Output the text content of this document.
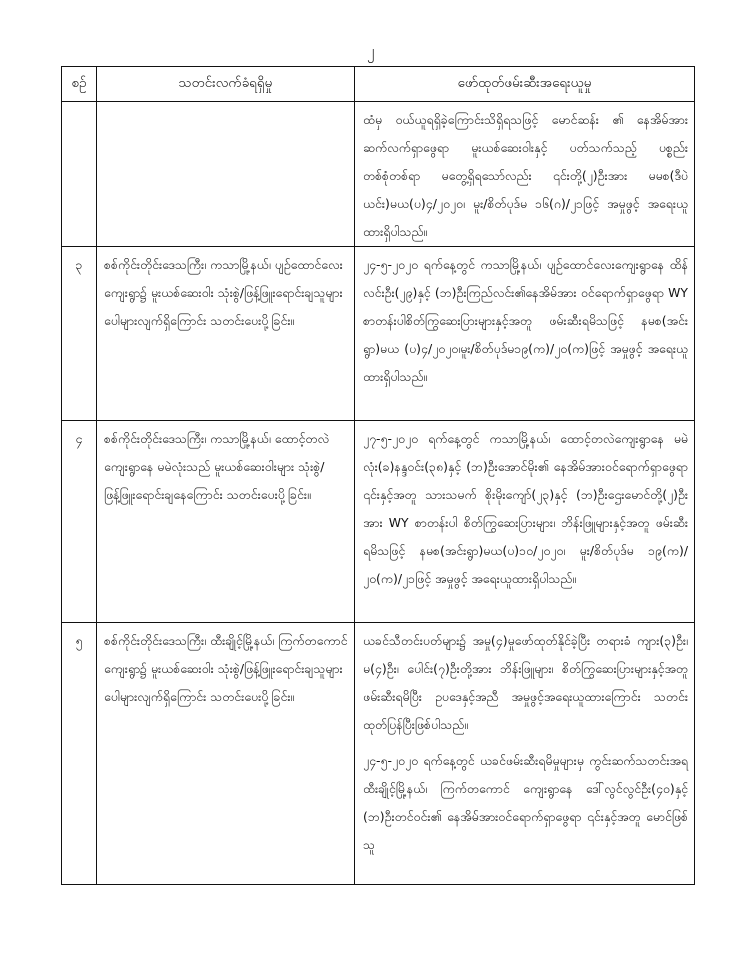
၂
စဉ်	သတင်းလက်ခံရရှိမှု	ဖော်ထုတ်ဖမ်းဆီးအရေးယူမှု

		ထံမှ ဝယ်ယူရရှိခဲ့ကြောင်းသိရှိရသဖြင့် မောင်ဆန်း ၏ နေအိမ်အား ဆက်လက်ရှာဖွေရာ မူးယစ်ဆေးဝါးနှင့် ပတ်သက်သည့် ပစ္စည်းတစ်စုံတစ်ရာ မတွေ့ရှိရသော်လည်း ၎င်းတို့(၂)ဦးအား မမစ(ဒီပဲယင်း)မယ(ပ)၄/၂၀၂၀၊ မူး/စိတ်ပုဒ်မ ၁၆(ဂ)/၂၁ဖြင့် အမှုဖွင့် အရေးယူထားရှိပါသည်။

၃	စစ်ကိုင်းတိုင်းဒေသကြီး၊ ကသာမြို့နယ်၊ ပျဉ်ထောင်လေးကျေးရွာ၌ မူးယစ်ဆေးဝါး သုံးစွဲ/ဖြန့်ဖြူးရောင်းချသူများ ပေါများလျက်ရှိကြောင်း သတင်းပေးပို့ခြင်း။	၂၄-၅-၂၀၂၀ ရက်နေ့တွင် ကသာမြို့နယ်၊ ပျဉ်ထောင်လေးကျေးရွာနေ ထိန်လင်းဦး(၂၉)နှင့် (ဘ)ဦးကြည်လင်း၏နေအိမ်အား ဝင်ရောက်ရှာဖွေရာ WY စာတန်းပါစိတ်ကြွဆေးပြားများနှင့်အတူ ဖမ်းဆီးရမိသဖြင့် နမစ(အင်းရွာ)မယ (ပ)၄/၂၀၂၀၊မူး/စိတ်ပုဒ်မ၁၉(က)/၂၀(က)ဖြင့် အမှုဖွင့် အရေးယူထားရှိပါသည်။

၄	စစ်ကိုင်းတိုင်းဒေသကြီး၊ ကသာမြို့နယ်၊ ထောင့်တလဲကျေးရွာနေ မမဲလုံးသည် မူးယစ်ဆေးဝါးများ သုံးစွဲ/ဖြန့်ဖြူးရောင်းချနေကြောင်း သတင်းပေးပို့ခြင်း။	၂၇-၅-၂၀၂၀ ရက်နေ့တွင် ကသာမြို့နယ်၊ ထောင့်တလဲကျေးရွာနေ မမဲလုံး(ခ)နန္ဒဝင်း(၃၈)နှင့် (ဘ)ဦးအောင်မိုး၏ နေအိမ်အားဝင်ရောက်ရှာဖွေရာ ၎င်းနှင့်အတူ သားသမက် စိုးမိုးကျော်(၂၃)နှင့် (ဘ)ဦးဌေးမောင်တို့(၂)ဦးအား WY စာတန်းပါ စိတ်ကြွဆေးပြားများ၊ ဘိန်းဖြူများနှင့်အတူ ဖမ်းဆီးရမိသဖြင့် နမစ(အင်းရွာ)မယ(ပ)၁၀/၂၀၂၀၊ မူး/စိတ်ပုဒ်မ ၁၉(က)/၂၀(က)/၂၁ဖြင့် အမှုဖွင့် အရေးယူထားရှိပါသည်။

၅	စစ်ကိုင်းတိုင်းဒေသကြီး၊ ထီးချိုင့်မြို့နယ်၊ ကြက်တကောင်ကျေးရွာ၌ မူးယစ်ဆေးဝါး သုံးစွဲ/ဖြန့်ဖြူးရောင်းချသူများ ပေါများလျက်ရှိကြောင်း သတင်းပေးပို့ခြင်း။	ယခင်သီတင်းပတ်များ၌ အမှု(၄)မှုဖော်ထုတ်နိုင်ခဲ့ပြီး တရားခံ ကျား(၃)ဦး၊ မ(၄)ဦး၊ ပေါင်း(၇)ဦးတို့အား ဘိန်းဖြူများ၊ စိတ်ကြွဆေးပြားများနှင့်အတူဖမ်းဆီးရမိပြီး ဥပဒေနှင့်အညီ အမှုဖွင့်အရေးယူထားကြောင်း သတင်း ထုတ်ပြန်ပြီးဖြစ်ပါသည်။

၂၄-၅-၂၀၂၀ ရက်နေ့တွင် ယခင်ဖမ်းဆီးရမိမှုများမှ ကွင်းဆက်သတင်းအရ ထီးချိုင့်မြို့နယ်၊ ကြက်တကောင် ကျေးရွာနေ ဒေါ်လွင်လွင်ဦး(၄၀)နှင့် (ဘ)ဦးတင်ဝင်း၏ နေအိမ်အားဝင်ရောက်ရှာဖွေရာ ၎င်းနှင့်အတူ မောင်ဖြစ်သူ
